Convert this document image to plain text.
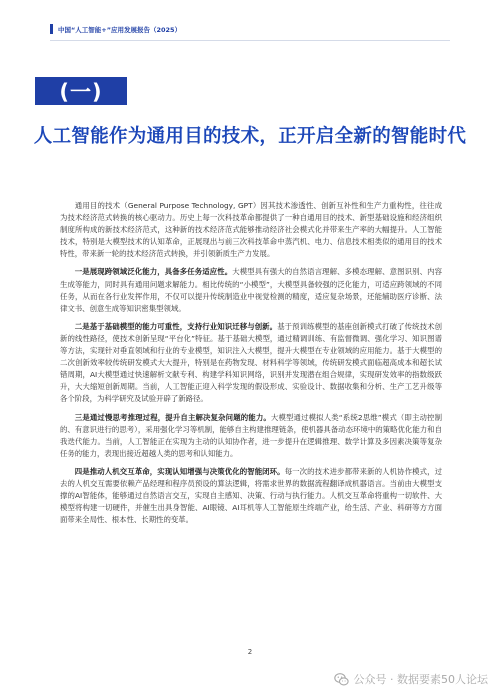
中国“人工智能+”应用发展报告（2025）
(一)
人工智能作为通用目的技术，正开启全新的智能时代

通用目的技术（General Purpose Technology, GPT）因其技术渗透性、创新互补性和生产力重构性，往往成为技术经济范式转换的核心驱动力。历史上每一次科技革命都提供了一种自通用目的技术、新型基础设施和经济组织制度所构成的新技术经济范式，这种新的技术经济范式能够推动经济社会模式化并带来生产率的大幅提升。人工智能技术，特别是大模型技术的认知革命，正展现出与前三次科技革命中蒸汽机、电力、信息技术相类似的通用目的技术特性，带来新一轮的技术经济范式转换，并引领新质生产力发展。

一是展现跨领域泛化能力，具备多任务适应性。大模型具有强大的自然语言理解、多模态理解、意图识别、内容生成等能力，同时具有通用问题求解能力。相比传统的“小模型”，大模型具备较强的泛化能力，可适应跨领域的不同任务，从而在各行业发挥作用，不仅可以提升传统制造业中视觉检测的精度，适应复杂场景，还能辅助医疗诊断、法律文书、创意生成等知识密集型领域。

二是基于基础模型的能力可重性，支持行业知识迁移与创新。基于预训练模型的基座创新模式打破了传统技术创新的线性路径，使技术创新呈现“平台化”特征。基于基础大模型，通过精调训练、有监督微调、强化学习、知识图谱等方法，实现针对垂直领域和行业的专业模型，知识注入大模型，提升大模型在专业领域的应用能力。基于大模型的二次创新效率较传统研发模式大大提升，特别是在药物发现、材料科学等领域，传统研发模式面临超高成本和超长试错周期，AI大模型通过快速解析文献专利、构建学科知识网络，识别并发现潜在组合规律，实现研发效率的指数级跃升，大大缩短创新周期。当前，人工智能正迎入科学发现的假设形成、实验设计、数据收集和分析、生产工艺升级等各个阶段，为科学研究及试验开辟了新路径。

三是通过慢思考推理过程，提升自主解决复杂问题的能力。大模型通过模拟人类“系统2思维”模式（即主动控制的、有意识进行的思考），采用强化学习等机制，能够自主构建推理链条，使机器具备动态环境中的策略优化能力和自我迭代能力。当前，人工智能正在实现为主动的认知协作者，进一步提升在逻辑推理、数学计算及多因素决策等复杂任务的能力，表现出接近超越人类的思考和认知能力。

四是推动人机交互革命，实现认知增强与决策优化的智能闭环。每一次的技术进步都带来新的人机协作模式，过去的人机交互需要依赖产品经理和程序员预设的算法逻辑，将需求世界的数据流程翻译成机器语言。当前由大模型支撑的AI智能体，能够通过自然语言交互，实现自主感知、决策、行动与执行能力。人机交互革命将重构一切软件、大模型将构建一切硬件，并催生出具身智能、AI眼镜、AI耳机等人工智能原生终端产业，给生活、产业、科研等方方面面带来全局性、根本性、长期性的变革。

2
公众号 · 数据要素50人论坛
